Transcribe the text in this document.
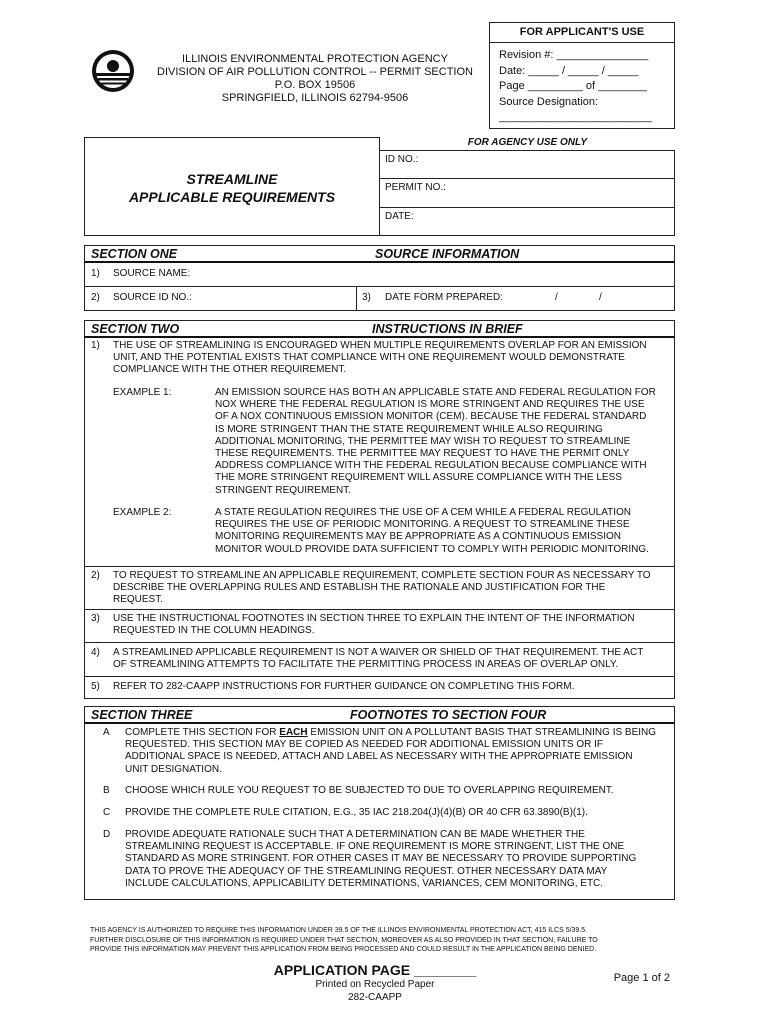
ILLINOIS ENVIRONMENTAL PROTECTION AGENCY
DIVISION OF AIR POLLUTION CONTROL -- PERMIT SECTION
P.O. BOX 19506
SPRINGFIELD, ILLINOIS 62794-9506
FOR APPLICANT'S USE
Revision #: _______________
Date: _____ / _____ / _____
Page _________ of ________
Source Designation:
_________________________
STREAMLINE
APPLICABLE REQUIREMENTS
FOR AGENCY USE ONLY
ID NO.:
PERMIT NO.:
DATE:
SECTION ONE	SOURCE INFORMATION
1) SOURCE NAME:
2) SOURCE ID NO.:	3) DATE FORM PREPARED:	/	/
SECTION TWO	INSTRUCTIONS IN BRIEF
1) THE USE OF STREAMLINING IS ENCOURAGED WHEN MULTIPLE REQUIREMENTS OVERLAP FOR AN EMISSION
UNIT, AND THE POTENTIAL EXISTS THAT COMPLIANCE WITH ONE REQUIREMENT WOULD DEMONSTRATE
COMPLIANCE WITH THE OTHER REQUIREMENT.
EXAMPLE 1:	AN EMISSION SOURCE HAS BOTH AN APPLICABLE STATE AND FEDERAL REGULATION FOR
NOX WHERE THE FEDERAL REGULATION IS MORE STRINGENT AND REQUIRES THE USE
OF A NOX CONTINUOUS EMISSION MONITOR (CEM). BECAUSE THE FEDERAL STANDARD
IS MORE STRINGENT THAN THE STATE REQUIREMENT WHILE ALSO REQUIRING
ADDITIONAL MONITORING, THE PERMITTEE MAY WISH TO REQUEST TO STREAMLINE
THESE REQUIREMENTS. THE PERMITTEE MAY REQUEST TO HAVE THE PERMIT ONLY
ADDRESS COMPLIANCE WITH THE FEDERAL REGULATION BECAUSE COMPLIANCE WITH
THE MORE STRINGENT REQUIREMENT WILL ASSURE COMPLIANCE WITH THE LESS
STRINGENT REQUIREMENT.
EXAMPLE 2:	A STATE REGULATION REQUIRES THE USE OF A CEM WHILE A FEDERAL REGULATION
REQUIRES THE USE OF PERIODIC MONITORING. A REQUEST TO STREAMLINE THESE
MONITORING REQUIREMENTS MAY BE APPROPRIATE AS A CONTINUOUS EMISSION
MONITOR WOULD PROVIDE DATA SUFFICIENT TO COMPLY WITH PERIODIC MONITORING.
2) TO REQUEST TO STREAMLINE AN APPLICABLE REQUIREMENT, COMPLETE SECTION FOUR AS NECESSARY TO
DESCRIBE THE OVERLAPPING RULES AND ESTABLISH THE RATIONALE AND JUSTIFICATION FOR THE
REQUEST.
3) USE THE INSTRUCTIONAL FOOTNOTES IN SECTION THREE TO EXPLAIN THE INTENT OF THE INFORMATION
REQUESTED IN THE COLUMN HEADINGS.
4) A STREAMLINED APPLICABLE REQUIREMENT IS NOT A WAIVER OR SHIELD OF THAT REQUIREMENT. THE ACT
OF STREAMLINING ATTEMPTS TO FACILITATE THE PERMITTING PROCESS IN AREAS OF OVERLAP ONLY.
5) REFER TO 282-CAAPP INSTRUCTIONS FOR FURTHER GUIDANCE ON COMPLETING THIS FORM.
SECTION THREE	FOOTNOTES TO SECTION FOUR
A COMPLETE THIS SECTION FOR EACH EMISSION UNIT ON A POLLUTANT BASIS THAT STREAMLINING IS BEING
REQUESTED. THIS SECTION MAY BE COPIED AS NEEDED FOR ADDITIONAL EMISSION UNITS OR IF
ADDITIONAL SPACE IS NEEDED, ATTACH AND LABEL AS NECESSARY WITH THE APPROPRIATE EMISSION
UNIT DESIGNATION.
B CHOOSE WHICH RULE YOU REQUEST TO BE SUBJECTED TO DUE TO OVERLAPPING REQUIREMENT.
C PROVIDE THE COMPLETE RULE CITATION, E.G., 35 IAC 218.204(J)(4)(B) OR 40 CFR 63.3890(B)(1).
D PROVIDE ADEQUATE RATIONALE SUCH THAT A DETERMINATION CAN BE MADE WHETHER THE
STREAMLINING REQUEST IS ACCEPTABLE. IF ONE REQUIREMENT IS MORE STRINGENT, LIST THE ONE
STANDARD AS MORE STRINGENT. FOR OTHER CASES IT MAY BE NECESSARY TO PROVIDE SUPPORTING
DATA TO PROVE THE ADEQUACY OF THE STREAMLINING REQUEST. OTHER NECESSARY DATA MAY
INCLUDE CALCULATIONS, APPLICABILITY DETERMINATIONS, VARIANCES, CEM MONITORING, ETC.
THIS AGENCY IS AUTHORIZED TO REQUIRE THIS INFORMATION UNDER 39.5 OF THE ILLINOIS ENVIRONMENTAL PROTECTION ACT, 415 ILCS 5/39.5.
FURTHER DISCLOSURE OF THIS INFORMATION IS REQUIRED UNDER THAT SECTION, MOREOVER AS ALSO PROVIDED IN THAT SECTION, FAILURE TO
PROVIDE THIS INFORMATION MAY PREVENT THIS APPLICATION FROM BEING PROCESSED AND COULD RESULT IN THE APPLICATION BEING DENIED.
APPLICATION PAGE ________
Printed on Recycled Paper
282-CAAPP
Page 1 of 2
